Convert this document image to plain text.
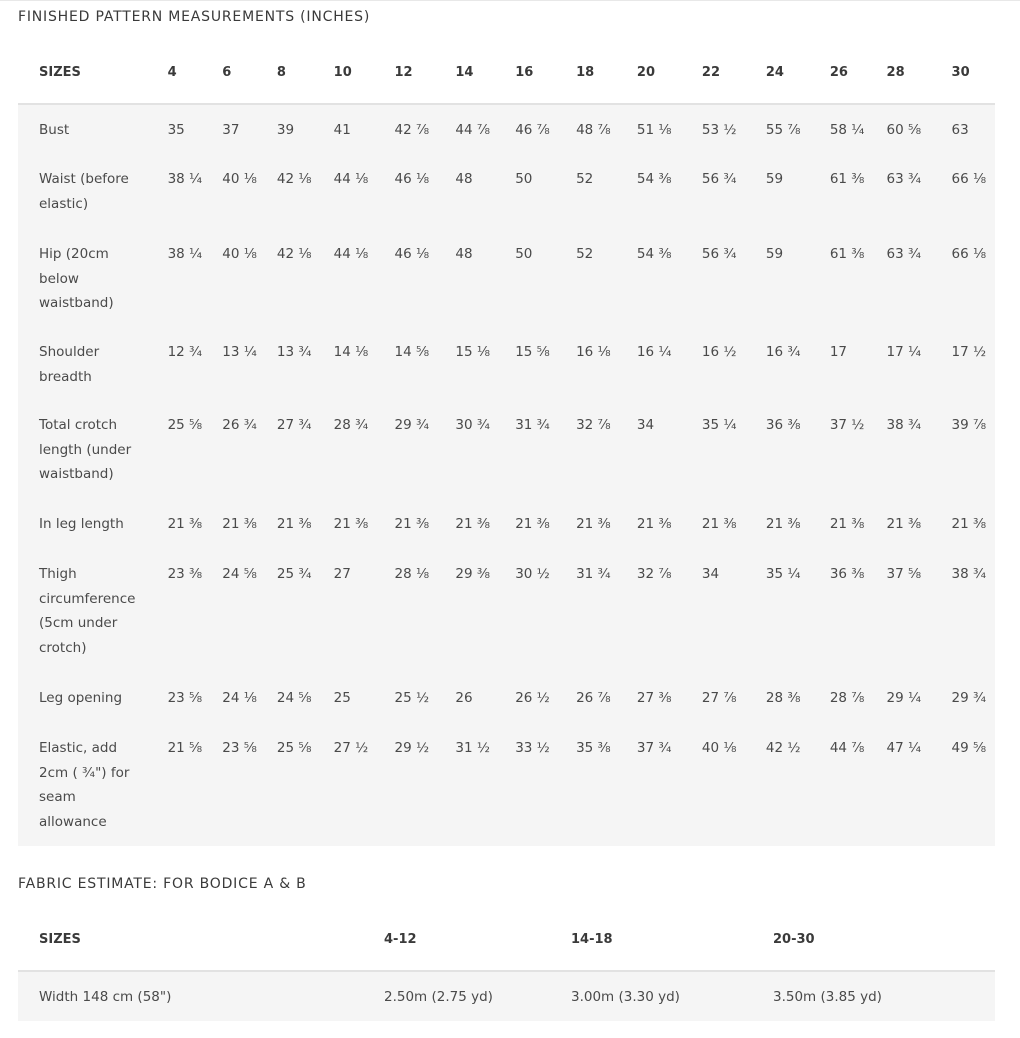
FINISHED PATTERN MEASUREMENTS (INCHES)
SIZES	4	6	8	10	12	14	16	18	20	22	24	26	28	30
Bust	35	37	39	41	42 ⅞	44 ⅞	46 ⅞	48 ⅞	51 ⅛	53 ½	55 ⅞	58 ¼	60 ⅝	63
Waist (before elastic)	38 ¼	40 ⅛	42 ⅛	44 ⅛	46 ⅛	48	50	52	54 ⅜	56 ¾	59	61 ⅜	63 ¾	66 ⅛
Hip (20cm below waistband)	38 ¼	40 ⅛	42 ⅛	44 ⅛	46 ⅛	48	50	52	54 ⅜	56 ¾	59	61 ⅜	63 ¾	66 ⅛
Shoulder breadth	12 ¾	13 ¼	13 ¾	14 ⅛	14 ⅝	15 ⅛	15 ⅝	16 ⅛	16 ¼	16 ½	16 ¾	17	17 ¼	17 ½
Total crotch length (under waistband)	25 ⅝	26 ¾	27 ¾	28 ¾	29 ¾	30 ¾	31 ¾	32 ⅞	34	35 ¼	36 ⅜	37 ½	38 ¾	39 ⅞
In leg length	21 ⅜	21 ⅜	21 ⅜	21 ⅜	21 ⅜	21 ⅜	21 ⅜	21 ⅜	21 ⅜	21 ⅜	21 ⅜	21 ⅜	21 ⅜	21 ⅜
Thigh circumference (5cm under crotch)	23 ⅜	24 ⅝	25 ¾	27	28 ⅛	29 ⅜	30 ½	31 ¾	32 ⅞	34	35 ¼	36 ⅜	37 ⅝	38 ¾
Leg opening	23 ⅝	24 ⅛	24 ⅝	25	25 ½	26	26 ½	26 ⅞	27 ⅜	27 ⅞	28 ⅜	28 ⅞	29 ¼	29 ¾
Elastic, add 2cm ( ¾") for seam allowance	21 ⅝	23 ⅝	25 ⅝	27 ½	29 ½	31 ½	33 ½	35 ⅜	37 ¾	40 ⅛	42 ½	44 ⅞	47 ¼	49 ⅝
FABRIC ESTIMATE: FOR BODICE A & B
SIZES	4-12	14-18	20-30
Width 148 cm (58")	2.50m (2.75 yd)	3.00m (3.30 yd)	3.50m (3.85 yd)
